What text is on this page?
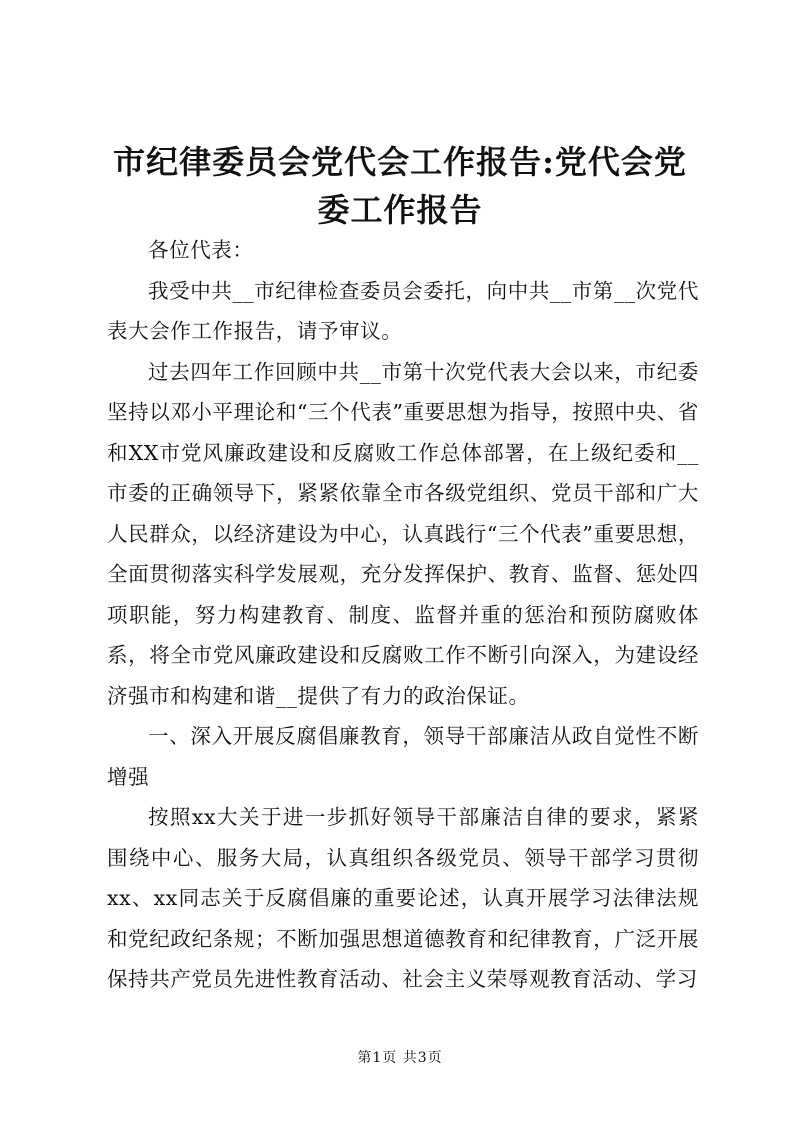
市纪律委员会党代会工作报告:党代会党委工作报告

各位代表：

我受中共__市纪律检查委员会委托，向中共__市第__次党代表大会作工作报告，请予审议。

过去四年工作回顾中共__市第十次党代表大会以来，市纪委坚持以邓小平理论和“三个代表”重要思想为指导，按照中央、省和XX市党风廉政建设和反腐败工作总体部署，在上级纪委和__市委的正确领导下，紧紧依靠全市各级党组织、党员干部和广大人民群众，以经济建设为中心，认真践行“三个代表”重要思想，全面贯彻落实科学发展观，充分发挥保护、教育、监督、惩处四项职能，努力构建教育、制度、监督并重的惩治和预防腐败体系，将全市党风廉政建设和反腐败工作不断引向深入，为建设经济强市和构建和谐__提供了有力的政治保证。

一、深入开展反腐倡廉教育，领导干部廉洁从政自觉性不断增强

按照xx大关于进一步抓好领导干部廉洁自律的要求，紧紧围绕中心、服务大局，认真组织各级党员、领导干部学习贯彻xx、xx同志关于反腐倡廉的重要论述，认真开展学习法律法规和党纪政纪条规；不断加强思想道德教育和纪律教育，广泛开展保持共产党员先进性教育活动、社会主义荣辱观教育活动、学习

第1页 共3页
